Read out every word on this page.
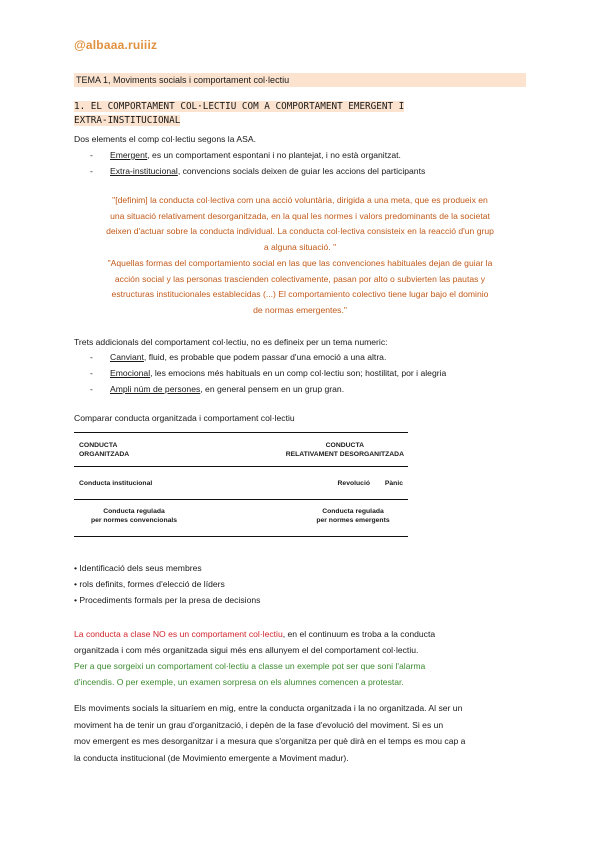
@albaaa.ruiiiz
TEMA 1, Moviments socials i comportament col·lectiu
1. EL COMPORTAMENT COL·LECTIU COM A COMPORTAMENT EMERGENT I
EXTRA-INSTITUCIONAL
Dos elements el comp col·lectiu segons la ASA.
- Emergent, es un comportament espontani i no plantejat, i no està organitzat.
- Extra-institucional, convencions socials deixen de guiar les accions del participants
"[definim] la conducta col·lectiva com una acció voluntària, dirigida a una meta, que es produeix en
una situació relativament desorganitzada, en la qual les normes i valors predominants de la societat
deixen d'actuar sobre la conducta individual. La conducta col·lectiva consisteix en la reacció d'un grup
a alguna situació. "
"Aquellas formas del comportamiento social en las que las convenciones habituales dejan de guiar la
acción social y las personas trascienden colectivamente, pasan por alto o subvierten las pautas y
estructuras institucionales establecidas (...) El comportamiento colectivo tiene lugar bajo el dominio
de normas emergentes."
Trets addicionals del comportament col·lectiu, no es defineix per un tema numeric:
- Canviant, fluid, es probable que podem passar d'una emoció a una altra.
- Emocional, les emocions més habituals en un comp col·lectiu son; hostilitat, por i alegria
- Ampli núm de persones, en general pensem en un grup gran.
Comparar conducta organitzada i comportament col·lectiu
CONDUCTA
ORGANITZADA
CONDUCTA
RELATIVAMENT DESORGANITZADA
Conducta institucional	Revolució Pànic
Conducta regulada
per normes convencionals
Conducta regulada
per normes emergents
• Identificació dels seus membres
• rols definits, formes d'elecció de líders
• Procediments formals per la presa de decisions
La conducta a clase NO es un comportament col·lectiu, en el continuum es troba a la conducta
organitzada i com més organitzada sigui més ens allunyem el del comportament col·lectiu.
Per a que sorgeixi un comportament col·lectiu a classe un exemple pot ser que soni l'alarma
d'incendis. O per exemple, un examen sorpresa on els alumnes comencen a protestar.
Els moviments socials la situaríem en mig, entre la conducta organitzada i la no organitzada. Al ser un
moviment ha de tenir un grau d'organització, i depèn de la fase d'evolució del moviment. Si es un
mov emergent es mes desorganitzar i a mesura que s'organitza per què dirà en el temps es mou cap a
la conducta institucional (de Movimiento emergente a Moviment madur).
